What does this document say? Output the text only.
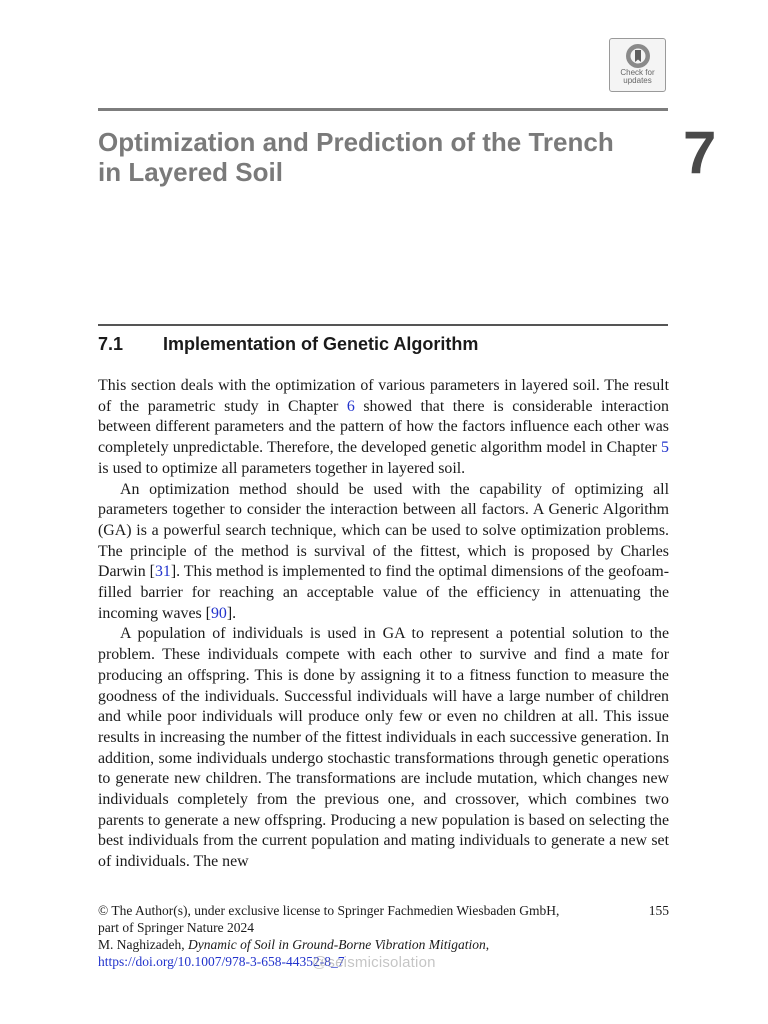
Check for
updates
Optimization and Prediction of the Trench
in Layered Soil	7
7.1 Implementation of Genetic Algorithm

This section deals with the optimization of various parameters in layered soil. The result of the parametric study in Chapter 6 showed that there is considerable interaction between different parameters and the pattern of how the factors influence each other was completely unpredictable. Therefore, the developed genetic algorithm model in Chapter 5 is used to optimize all parameters together in layered soil.

An optimization method should be used with the capability of optimizing all parameters together to consider the interaction between all factors. A Generic Algorithm (GA) is a powerful search technique, which can be used to solve optimization problems. The principle of the method is survival of the fittest, which is proposed by Charles Darwin [31]. This method is implemented to find the optimal dimensions of the geofoam-filled barrier for reaching an acceptable value of the efficiency in attenuating the incoming waves [90].

A population of individuals is used in GA to represent a potential solution to the problem. These individuals compete with each other to survive and find a mate for producing an offspring. This is done by assigning it to a fitness function to measure the goodness of the individuals. Successful individuals will have a large number of children and while poor individuals will produce only few or even no children at all. This issue results in increasing the number of the fittest individuals in each successive generation. In addition, some individuals undergo stochastic transformations through genetic operations to generate new children. The transformations are include mutation, which changes new individuals completely from the previous one, and crossover, which combines two parents to generate a new offspring. Producing a new population is based on selecting the best individuals from the current population and mating individuals to generate a new set of individuals. The new

155
© The Author(s), under exclusive license to Springer Fachmedien Wiesbaden GmbH,
part of Springer Nature 2024
M. Naghizadeh, Dynamic of Soil in Ground-Borne Vibration Mitigation,
https://doi.org/10.1007/978-3-658-44352-8_7
@seismicisolation
